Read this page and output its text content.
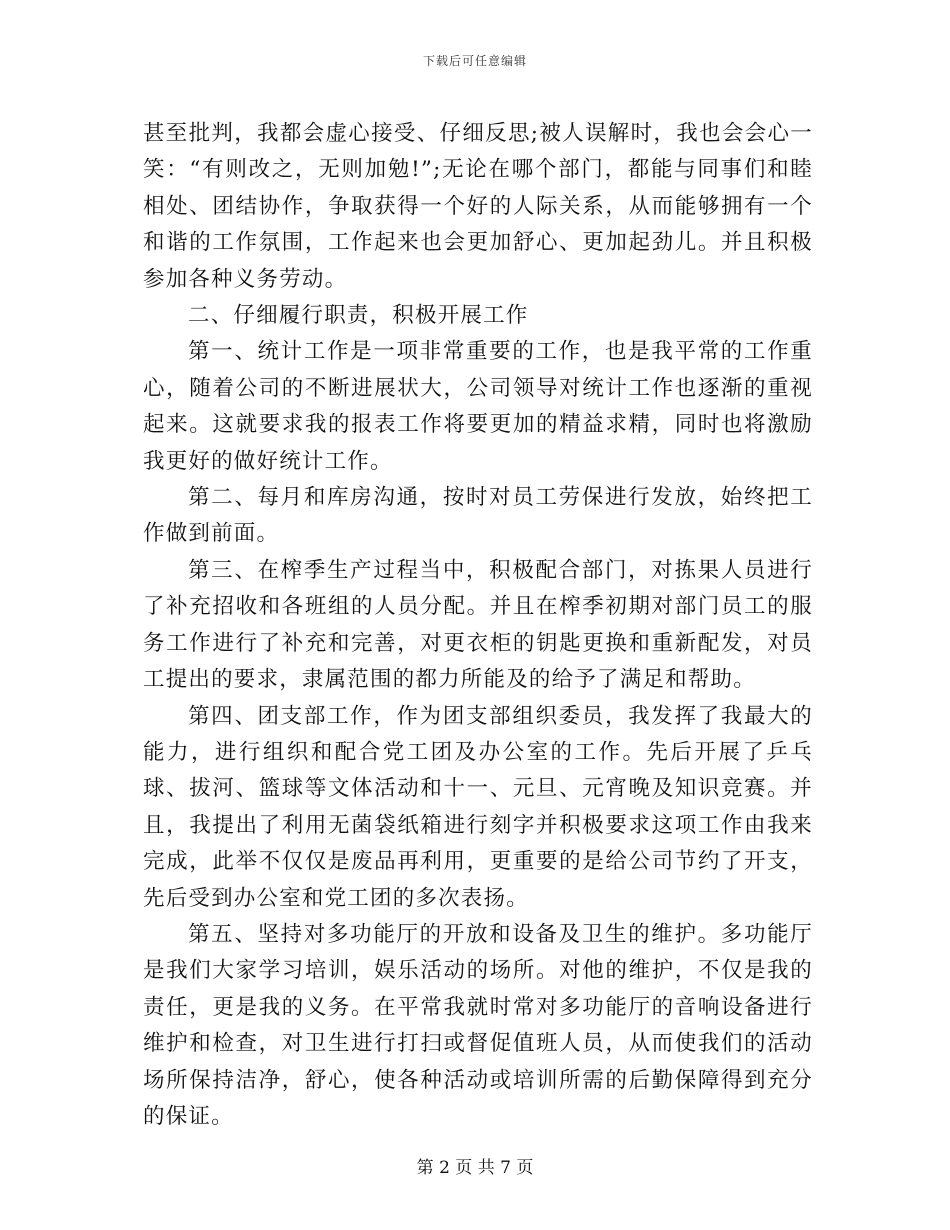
下载后可任意编辑

甚至批判，我都会虚心接受、仔细反思;被人误解时，我也会会心一笑：“有则改之，无则加勉!”;无论在哪个部门，都能与同事们和睦相处、团结协作，争取获得一个好的人际关系，从而能够拥有一个和谐的工作氛围，工作起来也会更加舒心、更加起劲儿。并且积极参加各种义务劳动。

二、仔细履行职责，积极开展工作

第一、统计工作是一项非常重要的工作，也是我平常的工作重心，随着公司的不断进展状大，公司领导对统计工作也逐渐的重视起来。这就要求我的报表工作将要更加的精益求精，同时也将激励我更好的做好统计工作。

第二、每月和库房沟通，按时对员工劳保进行发放，始终把工作做到前面。

第三、在榨季生产过程当中，积极配合部门，对拣果人员进行了补充招收和各班组的人员分配。并且在榨季初期对部门员工的服务工作进行了补充和完善，对更衣柜的钥匙更换和重新配发，对员工提出的要求，隶属范围的都力所能及的给予了满足和帮助。

第四、团支部工作，作为团支部组织委员，我发挥了我最大的能力，进行组织和配合党工团及办公室的工作。先后开展了乒乓球、拔河、篮球等文体活动和十一、元旦、元宵晚及知识竞赛。并且，我提出了利用无菌袋纸箱进行刻字并积极要求这项工作由我来完成，此举不仅仅是废品再利用，更重要的是给公司节约了开支，先后受到办公室和党工团的多次表扬。

第五、坚持对多功能厅的开放和设备及卫生的维护。多功能厅是我们大家学习培训，娱乐活动的场所。对他的维护，不仅是我的责任，更是我的义务。在平常我就时常对多功能厅的音响设备进行维护和检查，对卫生进行打扫或督促值班人员，从而使我们的活动场所保持洁净，舒心，使各种活动或培训所需的后勤保障得到充分的保证。

第 2 页 共 7 页
